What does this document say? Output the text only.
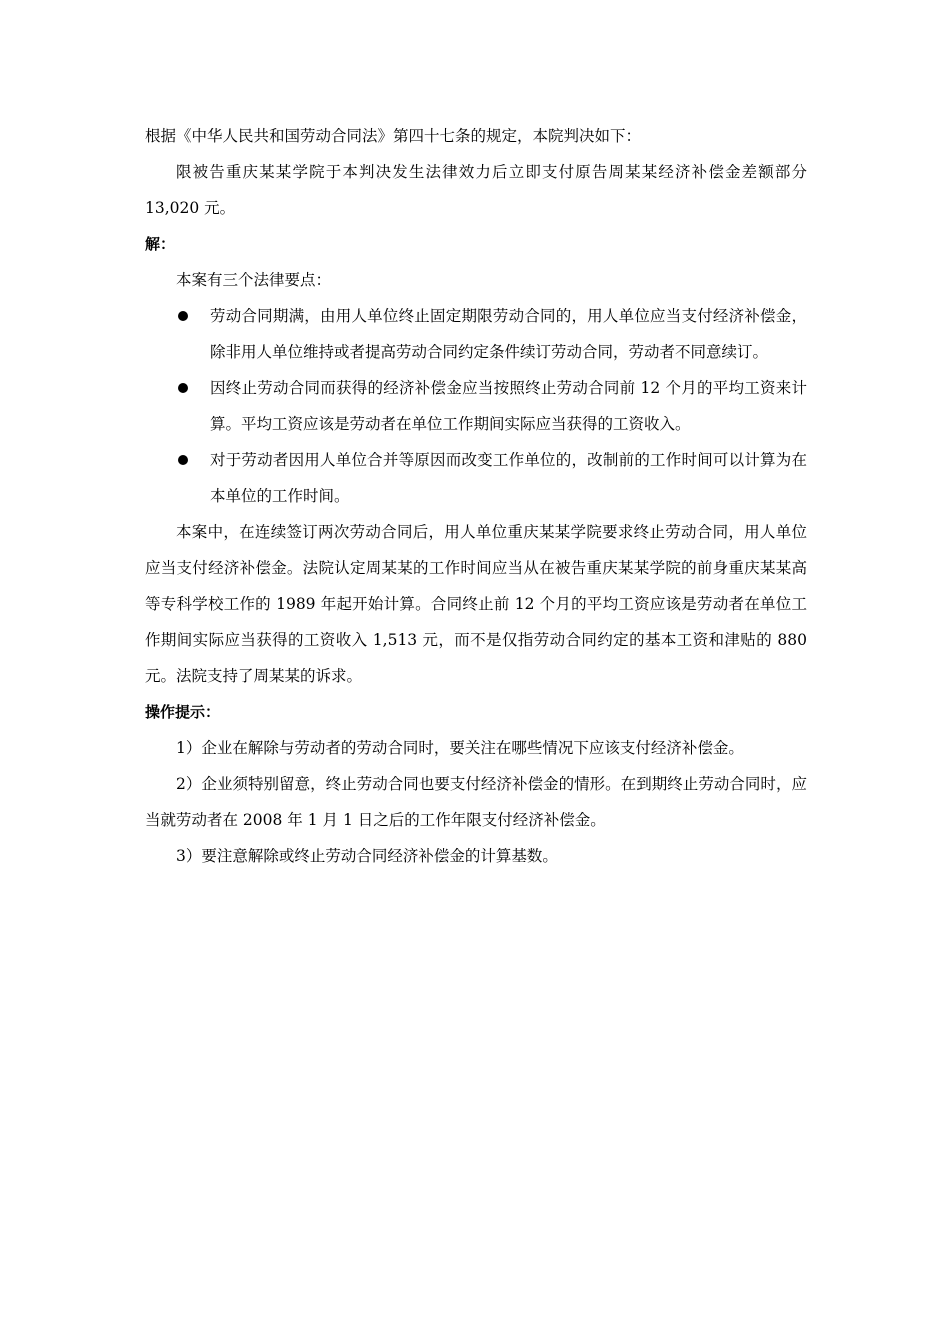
根据《中华人民共和国劳动合同法》第四十七条的规定，本院判决如下：

限被告重庆某某学院于本判决发生法律效力后立即支付原告周某某经济补偿金差额部分 13,020 元。

解：

本案有三个法律要点：

劳动合同期满，由用人单位终止固定期限劳动合同的，用人单位应当支付经济补偿金，除非用人单位维持或者提高劳动合同约定条件续订劳动合同，劳动者不同意续订。

因终止劳动合同而获得的经济补偿金应当按照终止劳动合同前 12 个月的平均工资来计算。平均工资应该是劳动者在单位工作期间实际应当获得的工资收入。

对于劳动者因用人单位合并等原因而改变工作单位的，改制前的工作时间可以计算为在本单位的工作时间。

本案中，在连续签订两次劳动合同后，用人单位重庆某某学院要求终止劳动合同，用人单位应当支付经济补偿金。法院认定周某某的工作时间应当从在被告重庆某某学院的前身重庆某某高等专科学校工作的 1989 年起开始计算。合同终止前 12 个月的平均工资应该是劳动者在单位工作期间实际应当获得的工资收入 1,513 元，而不是仅指劳动合同约定的基本工资和津贴的 880 元。法院支持了周某某的诉求。

操作提示：

1）企业在解除与劳动者的劳动合同时，要关注在哪些情况下应该支付经济补偿金。

2）企业须特别留意，终止劳动合同也要支付经济补偿金的情形。在到期终止劳动合同时，应当就劳动者在 2008 年 1 月 1 日之后的工作年限支付经济补偿金。

3）要注意解除或终止劳动合同经济补偿金的计算基数。
